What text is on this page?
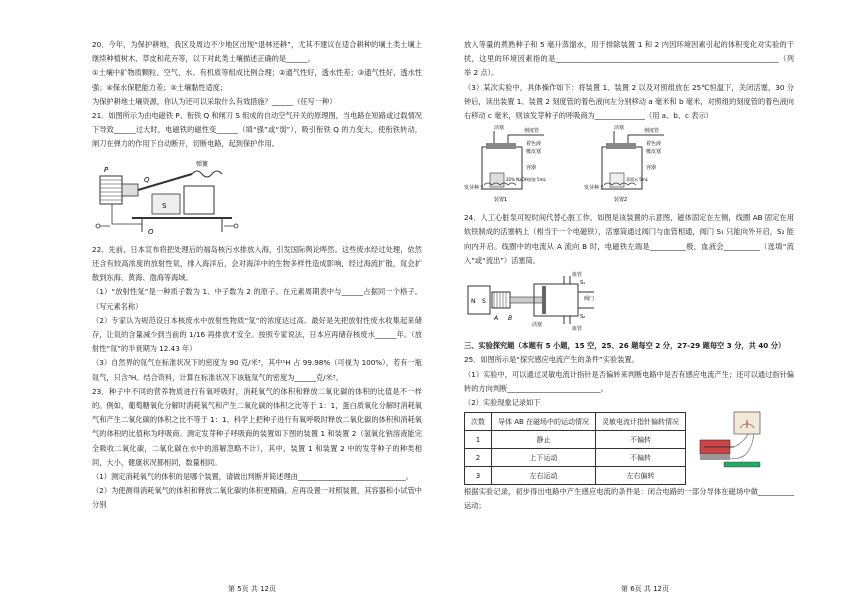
20．今年，为保护耕地，我区及周边不少地区出现“退林还耕”，尤其不建议在适合耕种的壤土类土壤上继续种植树木、草皮和花卉等，以下对此类土壤描述正确的是______。

①土壤中矿物质颗粒、空气、水、有机质等组成比例合理；②通气性好，透水性差；③通气性好，透水性强；④保水保肥能力差；⑤土壤黏性适度；

为保护耕地土壤资源，你认为还可以采取什么有效措施？______（任写一种）

21．如图所示为由电磁铁 P、衔铁 Q 和闸刀 S 组成的自动空气开关的原理图，当电路在短路或过载情况下导致______过大时，电磁铁的磁性变______（填“强”或“弱”），吸引衔铁 Q 的力变大，使衔铁转动，闸刀在弹力的作用下自动断开，切断电路，起到保护作用。

P
Q
S
弹簧
O

22．先前，日本宣布将把处理后的福岛核污水排放入海，引发国际舆论哗然。这些废水经过处理，依然还含有较高浓度的放射性氚，排入海洋后，会对海洋中的生物多样性造成影响，经过海流扩散，氚会扩散到东海、黄海、渤海等海域。

（1）“放射性氚”是一种质子数为 1、中子数为 2 的原子。在元素周期表中与______占据同一个格子。（写元素名称）

（2）专家认为规范设日本核废水中放射性物质“氚”的浓度达过高。最好是先把放射性废水收集起来储存，让氚的含量减少到当前的 1/16 再排放才安全。按照专家说法，日本应再储存核废水______年。（放射性“氚”的半衰期为 12.43 年）

（3）自然界的氚气在标准状况下的密度为 90 克/米³，其中¹H 占 99.98%（可视为 100%），若有一瓶氚气，只含³H。结合资料，计算在标准状况下该瓶氚气的密度为______克/米³。

23．种子中不同的营养物质进行有氧呼吸时，消耗氧气的体积和释放二氧化碳的体积的比值是不一样的。例如，葡萄糖氧化分解时消耗氧气和产生二氧化碳的体积之比等于 1：1，蛋白质氧化分解时消耗氧气和产生二氧化碳的体积之比不等于 1：1。科学上把种子进行有氧呼吸时释放二氧化碳的体积和消耗氧气的体积的比值称为呼吸商。测定发芽种子呼吸商的装置如下图的装置 1 和装置 2（氢氧化钠溶液能完全吸收二氧化碳，二氧化碳在水中的溶解忽略不计），其中，装置 1 和装置 2 中的发芽种子的种类相同，大小、健康状况都相同，数量相同。

（1）测定消耗氧气的体积的是哪个装置，请做出判断并简述理由______________________________。

（2）为使测得消耗氧气的体积和释放二氧化碳的体积更精确，应再设置一对照装置，其容器和小试管中分别

第 5页 共 12页

放入等量的煮熟种子和 5 毫升蒸馏水，用于排除装置 1 和 2 内因环境因素引起的体积变化对实验的干扰，这里的环境因素指的是______________________________________________________________（列举 2 点）。

（3）某次实验中，具体操作如下：将装置 1、装置 2 以及对照组放在 25℃恒温下，关闭活塞，30 分钟后，读出装置 1、装置 2 刻度管的着色液向左分别移动 a 毫米和 b 毫米，对照组的刻度管的着色液向右移动 c 毫米，则该发芽种子的呼吸商为______________（用 a、b、c 表示）

活塞	刻度管
着色液
橡皮塞
容器
20% NaOH溶液 5mL
发芽种子
装置1
活塞	刻度管
着色液
橡皮塞
容器
蒸馏水 5mL
发芽种子
装置2

24．人工心脏泵可短时间代替心脏工作，如图是该装置的示意图，磁体固定在左侧，线圈 AB 固定在用软铁制成的活塞柄上（相当于一个电磁铁），活塞筒通过阀门与血管相通，阀门 S₁ 只能向外开启，S₂ 能向内开启。线圈中的电流从 A 流向 B 时，电磁铁左端是__________极，血液会__________（选填“流入”或“流出”）活塞筒。

N S
血管
S₁
S₂
血管
阀门
活塞
A B

三、实验探究题（本题有 5 小题，15 空，25、26 题每空 2 分，27-29 题每空 3 分，共 40 分）

25．如图所示是“探究感应电流产生的条件”实验装置。

（1）实验中，可以通过灵敏电流计指针是否偏转来判断电路中是否有感应电流产生；还可以通过指针偏转的方向判断__________________________。

（2）实验现象记录如下

次数	导体 AB 在磁场中的运动情况	灵敏电流计指针偏转情况
1	静止	不偏转
2	上下运动	不偏转
3	左右运动	左右偏转

根据实验记录，初步得出电路中产生感应电流的条件是：闭合电路的一部分导体在磁场中做__________运动；

第 6页 共 12页
